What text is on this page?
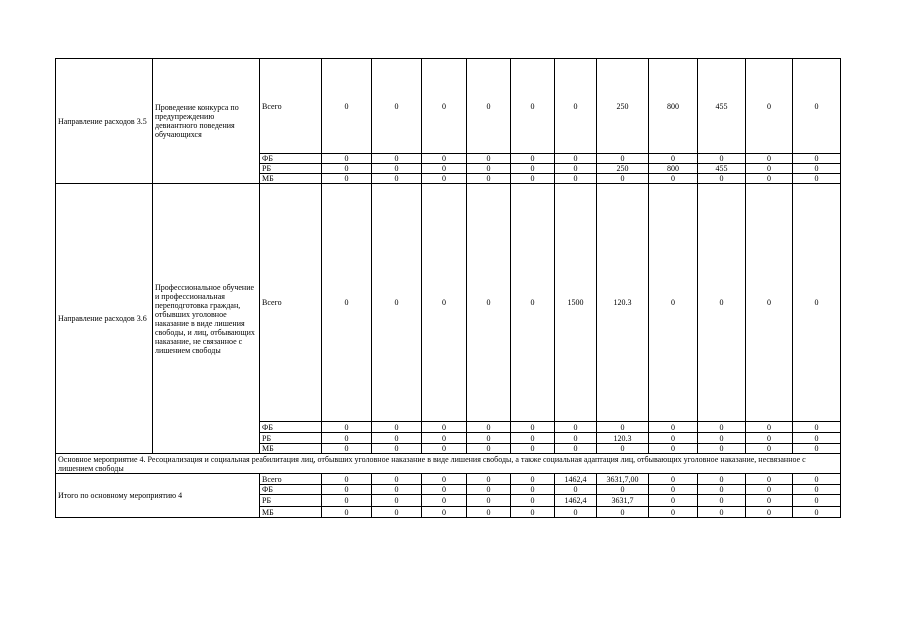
Направление расходов 3.5	Проведение конкурса по предупреждению девиантного поведения обучающихся	Всего	0	0	0	0	0	0	250	800	455	0	0
		ФБ	0	0	0	0	0	0	0	0	0	0	0
		РБ	0	0	0	0	0	0	250	800	455	0	0
		МБ	0	0	0	0	0	0	0	0	0	0	0
Направление расходов 3.6	Профессиональное обучение и профессиональная переподготовка граждан, отбывших уголовное наказание в виде лишения свободы, и лиц, отбывающих наказание, не связанное с лишением свободы	Всего	0	0	0	0	0	1500	120.3	0	0	0	0
		ФБ	0	0	0	0	0	0	0	0	0	0	0
		РБ	0	0	0	0	0	0	120.3	0	0	0	0
		МБ	0	0	0	0	0	0	0	0	0	0	0
Основное мероприятие 4. Ресоциализация и социальная реабилитация лиц, отбывших уголовное наказание в виде лишения свободы, а также социальная адаптация лиц, отбывающих уголовное наказание, несвязанное с лишением свободы													
Итого по основному мероприятию 4		Всего	0	0	0	0	0	1462,4	3631,7,00	0	0	0	0
		ФБ	0	0	0	0	0	0	0	0	0	0	0
		РБ	0	0	0	0	0	1462,4	3631,7	0	0	0	0
		МБ	0	0	0	0	0	0	0	0	0	0	0
